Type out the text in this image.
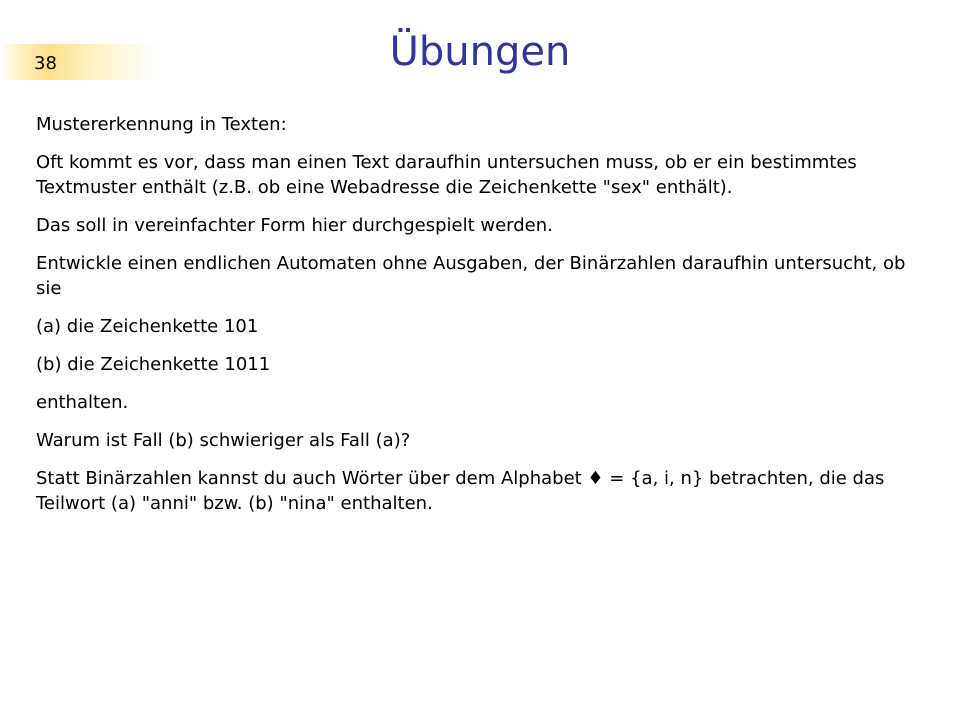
38	Übungen

Mustererkennung in Texten:

Oft kommt es vor, dass man einen Text daraufhin untersuchen muss, ob er ein bestimmtes Textmuster enthält (z.B. ob eine Webadresse die Zeichenkette "sex" enthält).

Das soll in vereinfachter Form hier durchgespielt werden.

Entwickle einen endlichen Automaten ohne Ausgaben, der Binärzahlen daraufhin untersucht, ob sie

(a) die Zeichenkette 101

(b) die Zeichenkette 1011

enthalten.

Warum ist Fall (b) schwieriger als Fall (a)?

Statt Binärzahlen kannst du auch Wörter über dem Alphabet ♦ = {a, i, n} betrachten, die das Teilwort (a) "anni" bzw. (b) "nina" enthalten.
